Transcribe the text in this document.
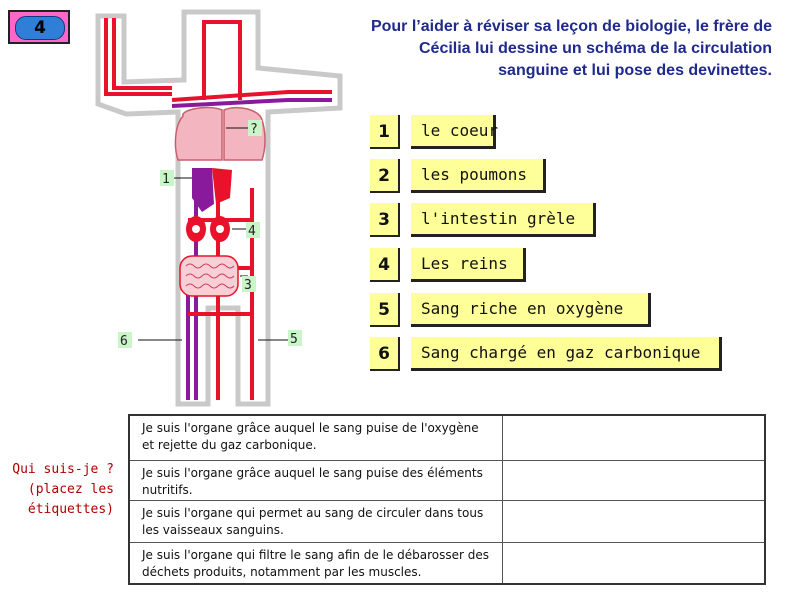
4	Pour l’aider à réviser sa leçon de biologie, le frère de Cécilia lui dessine un schéma de la circulation sanguine et lui pose des devinettes.
?
1
4
3
6	5
1	le coeur
2	les poumons
3	l'intestin grèle
4	Les reins
5	Sang riche en oxygène
6	Sang chargé en gaz carbonique
Qui suis-je ? (placez les étiquettes)
Je suis l'organe grâce auquel le sang puise de l'oxygène et rejette du gaz carbonique.
Je suis l'organe grâce auquel le sang puise des éléments nutritifs.
Je suis l'organe qui permet au sang de circuler dans tous les vaisseaux sanguins.
Je suis l'organe qui filtre le sang afin de le débarosser des déchets produits, notamment par les muscles.
